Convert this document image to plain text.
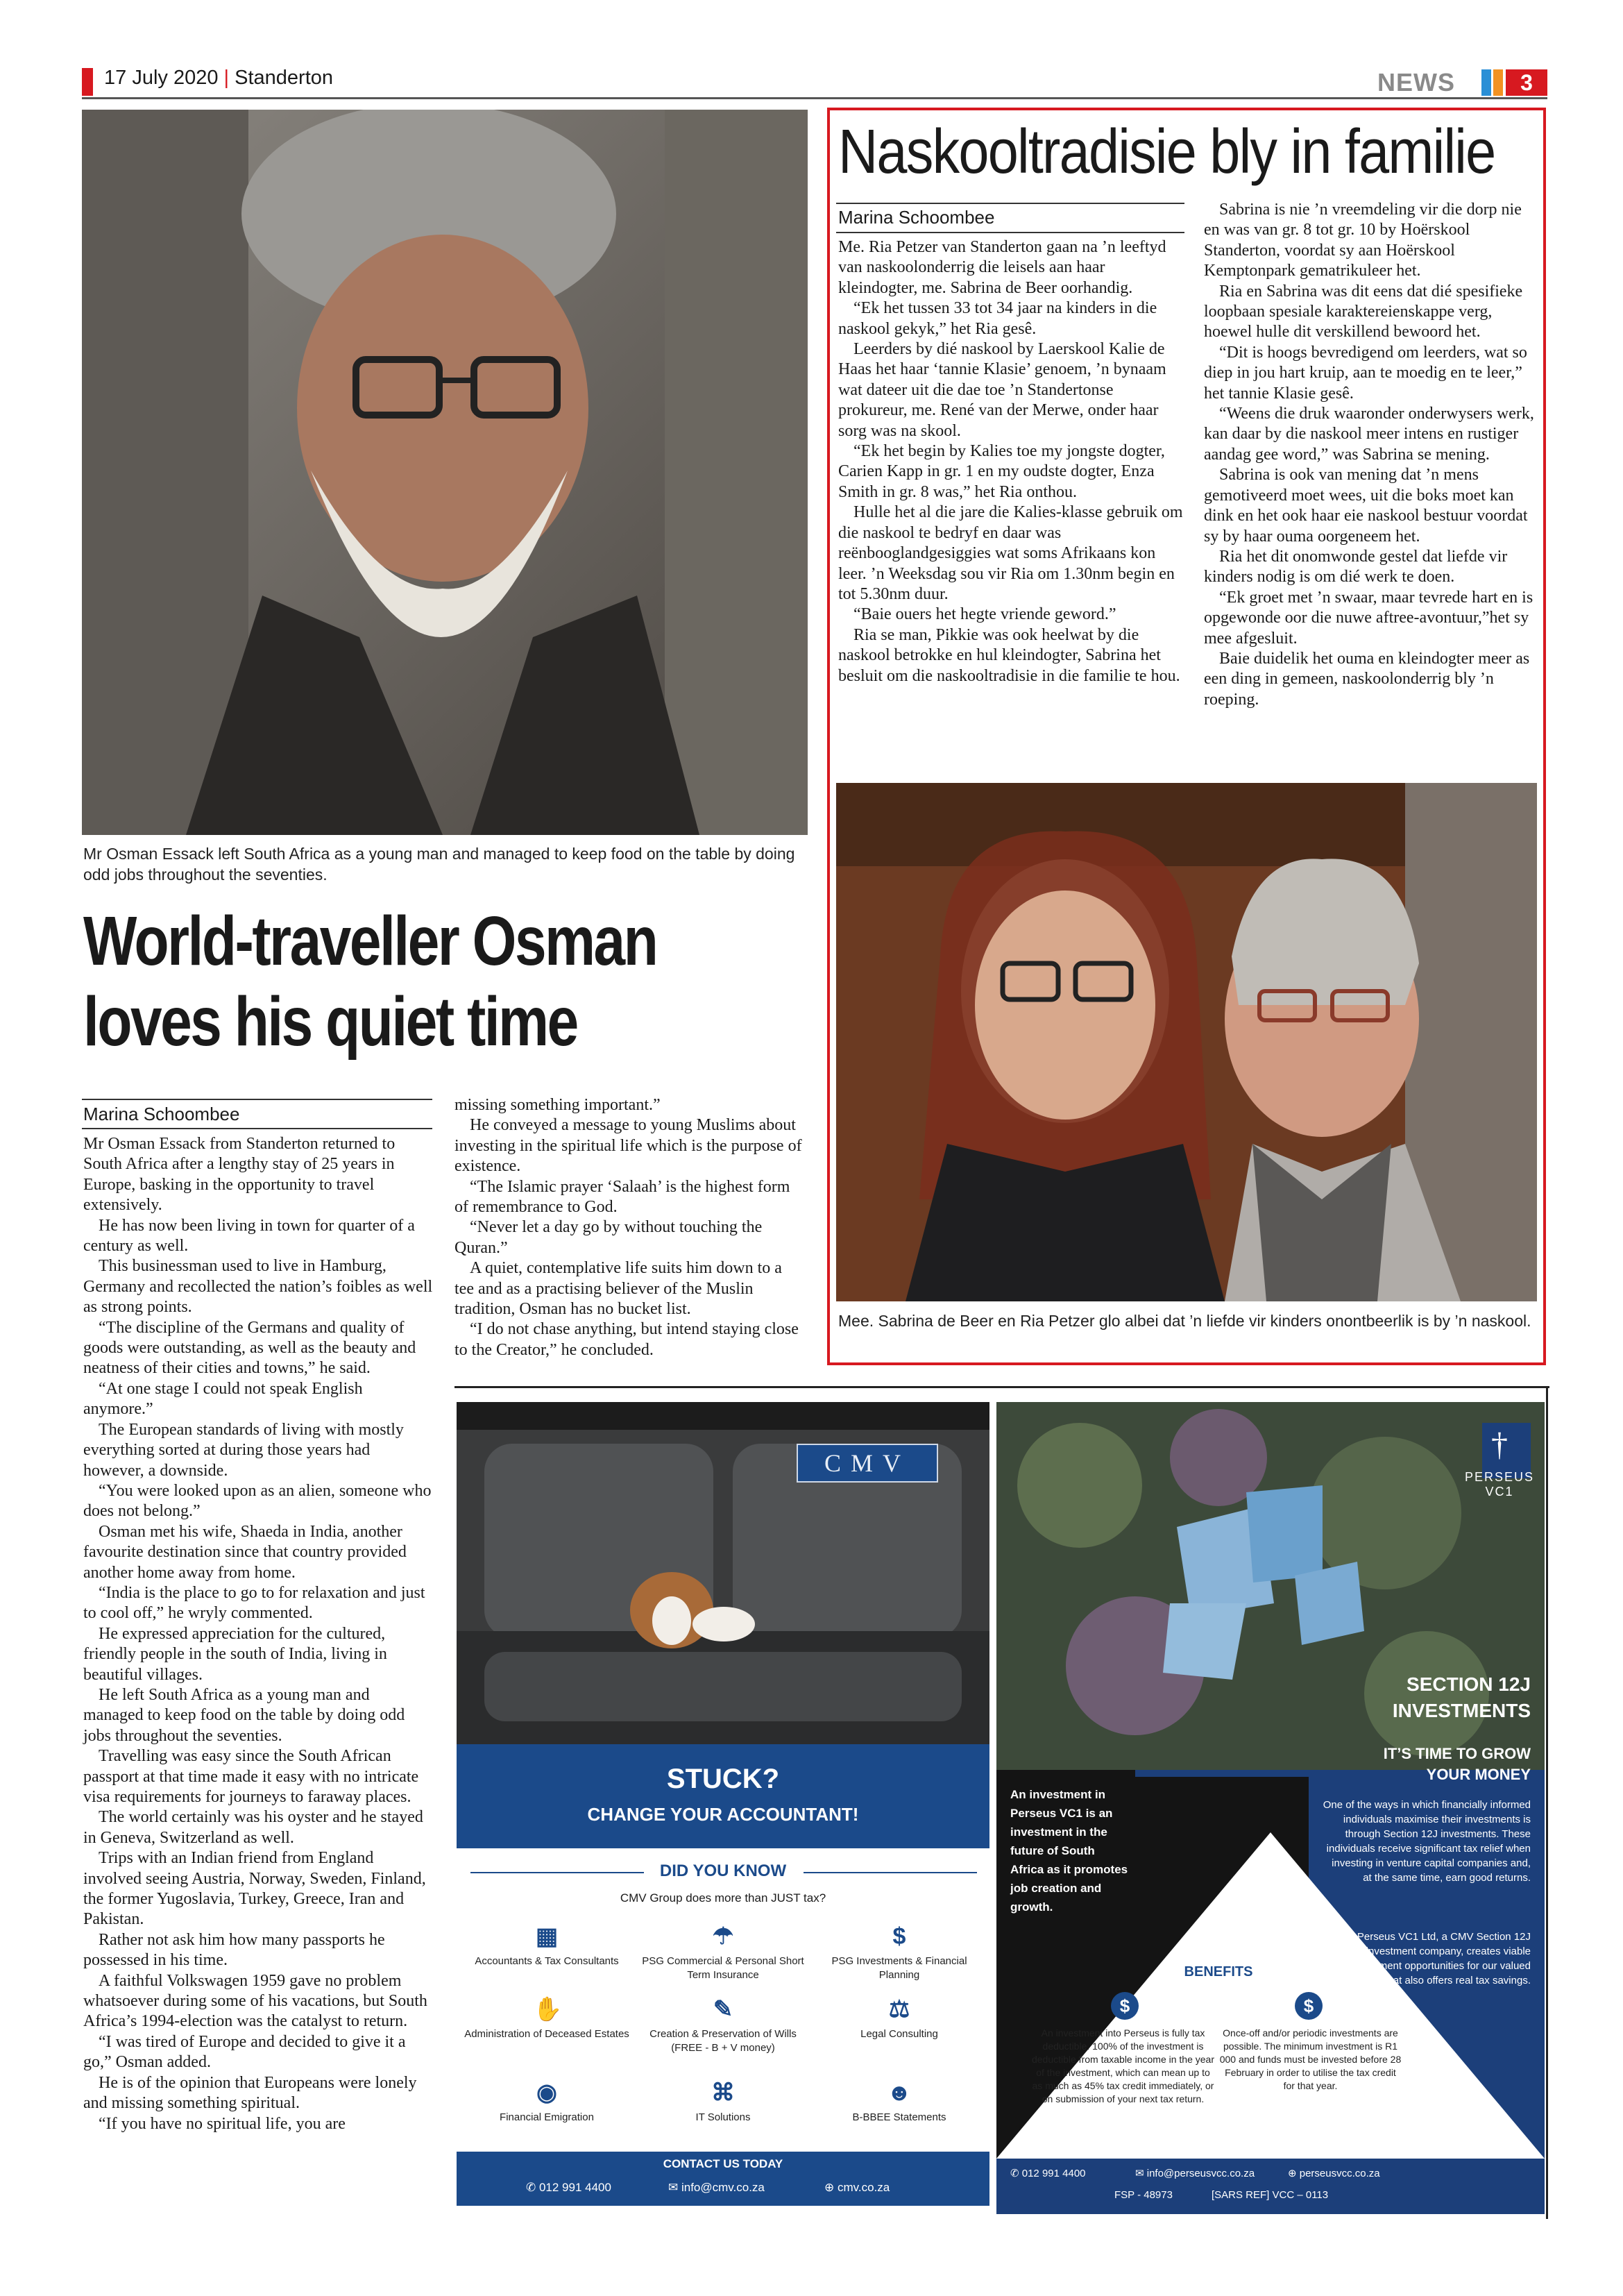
17 July 2020 | Standerton	NEWS	3
Mr Osman Essack left South Africa as a young man and managed to keep food on the table by doing odd jobs throughout the seventies.
World-traveller Osman
loves his quiet time
Marina Schoombee

Mr Osman Essack from Standerton returned to South Africa after a lengthy stay of 25 years in Europe, basking in the opportunity to travel extensively.

He has now been living in town for quarter of a century as well.

This businessman used to live in Hamburg, Germany and recollected the nation’s foibles as well as strong points.

“The discipline of the Germans and quality of goods were outstanding, as well as the beauty and neatness of their cities and towns,” he said.

“At one stage I could not speak English anymore.”

The European standards of living with mostly everything sorted at during those years had however, a downside.

“You were looked upon as an alien, someone who does not belong.”

Osman met his wife, Shaeda in India, another favourite destination since that country provided another home away from home.

“India is the place to go to for relaxation and just to cool off,” he wryly commented.

He expressed appreciation for the cultured, friendly people in the south of India, living in beautiful villages.

He left South Africa as a young man and managed to keep food on the table by doing odd jobs throughout the seventies.

Travelling was easy since the South African passport at that time made it easy with no intricate visa requirements for journeys to faraway places.

The world certainly was his oyster and he stayed in Geneva, Switzerland as well.

Trips with an Indian friend from England involved seeing Austria, Norway, Sweden, Finland, the former Yugoslavia, Turkey, Greece, Iran and Pakistan.

Rather not ask him how many passports he possessed in his time.

A faithful Volkswagen 1959 gave no problem whatsoever during some of his vacations, but South Africa’s 1994-election was the catalyst to return.

“I was tired of Europe and decided to give it a go,” Osman added.

He is of the opinion that Europeans were lonely and missing something spiritual.

“If you have no spiritual life, you are

missing something important.”

He conveyed a message to young Muslims about investing in the spiritual life which is the purpose of existence.

“The Islamic prayer ‘Salaah’ is the highest form of remembrance to God.

“Never let a day go by without touching the Quran.”

A quiet, contemplative life suits him down to a tee and as a practising believer of the Muslin tradition, Osman has no bucket list.

“I do not chase anything, but intend staying close to the Creator,” he concluded.

Naskooltradisie bly in familie
Marina Schoombee

Me. Ria Petzer van Standerton gaan na ’n leeftyd van naskoolonderrig die leisels aan haar kleindogter, me. Sabrina de Beer oorhandig.

“Ek het tussen 33 tot 34 jaar na kinders in die naskool gekyk,” het Ria gesê.

Leerders by dié naskool by Laerskool Kalie de Haas het haar ‘tannie Klasie’ genoem, ’n bynaam wat dateer uit die dae toe ’n Standertonse prokureur, me. René van der Merwe, onder haar sorg was na skool.

“Ek het begin by Kalies toe my jongste dogter, Carien Kapp in gr. 1 en my oudste dogter, Enza Smith in gr. 8 was,” het Ria onthou.

Hulle het al die jare die Kalies-klasse gebruik om die naskool te bedryf en daar was reënbooglandgesiggies wat soms Afrikaans kon leer. ’n Weeksdag sou vir Ria om 1.30nm begin en tot 5.30nm duur.

“Baie ouers het hegte vriende geword.”

Ria se man, Pikkie was ook heelwat by die naskool betrokke en hul kleindogter, Sabrina het besluit om die naskooltradisie in die familie te hou.

Sabrina is nie ’n vreemdeling vir die dorp nie en was van gr. 8 tot gr. 10 by Hoërskool Standerton, voordat sy aan Hoërskool Kemptonpark gematrikuleer het.

Ria en Sabrina was dit eens dat dié spesifieke loopbaan spesiale karaktereienskappe verg, hoewel hulle dit verskillend bewoord het.

“Dit is hoogs bevredigend om leerders, wat so diep in jou hart kruip, aan te moedig en te leer,” het tannie Klasie gesê.

“Weens die druk waaronder onderwysers werk, kan daar by die naskool meer intens en rustiger aandag gee word,” was Sabrina se mening.

Sabrina is ook van mening dat ’n mens gemotiveerd moet wees, uit die boks moet kan dink en het ook haar eie naskool bestuur voordat sy by haar ouma oorgeneem het.

Ria het dit onomwonde gestel dat liefde vir kinders nodig is om dié werk te doen.

“Ek groet met ’n swaar, maar tevrede hart en is opgewonde oor die nuwe aftree-avontuur,”het sy mee afgesluit.

Baie duidelik het ouma en kleindogter meer as een ding in gemeen, naskoolonderrig bly ’n roeping.

Mee. Sabrina de Beer en Ria Petzer glo albei dat ’n liefde vir kinders onontbeerlik is by ’n naskool.
CMV
STUCK?
CHANGE YOUR ACCOUNTANT!
DID YOU KNOW
CMV Group does more than JUST tax?
▦
Accountants & Tax Consultants
☂
PSG Commercial & Personal Short Term Insurance
$
PSG Investments & Financial Planning
✋
Administration of Deceased Estates
✎
Creation & Preservation of Wills (FREE - B + V money)
⚖
Legal Consulting
◉
Financial Emigration
⌘
IT Solutions
☻
B-BBEE Statements
CONTACT US TODAY
✆ 012 991 4400	✉ info@cmv.co.za	⊕ cmv.co.za
†
PERSEUS
VC1
SECTION 12J
INVESTMENTS
IT’S TIME TO GROW
YOUR MONEY
One of the ways in which financially informed individuals maximise their investments is through Section 12J investments. These individuals receive significant tax relief when investing in venture capital companies and, at the same time, earn good returns.
Perseus VC1 Ltd, a CMV Section 12J investment company, creates viable investment opportunities for our valued clients, that also offers real tax savings.
An investment in Perseus VC1 is an investment in the future of South Africa as it promotes job creation and growth.
BENEFITS
$	$
An investment into Perseus is fully tax deductible. 100% of the investment is deductible from taxable income in the year of the investment, which can mean up to as much as 45% tax credit immediately, or on submission of your next tax return.
Once-off and/or periodic investments are possible. The minimum investment is R1 000 and funds must be invested before 28 February in order to utilise the tax credit for that year.
✆ 012 991 4400	✉ info@perseusvcc.co.za	⊕ perseusvcc.co.za
FSP - 48973	[SARS REF] VCC – 0113
